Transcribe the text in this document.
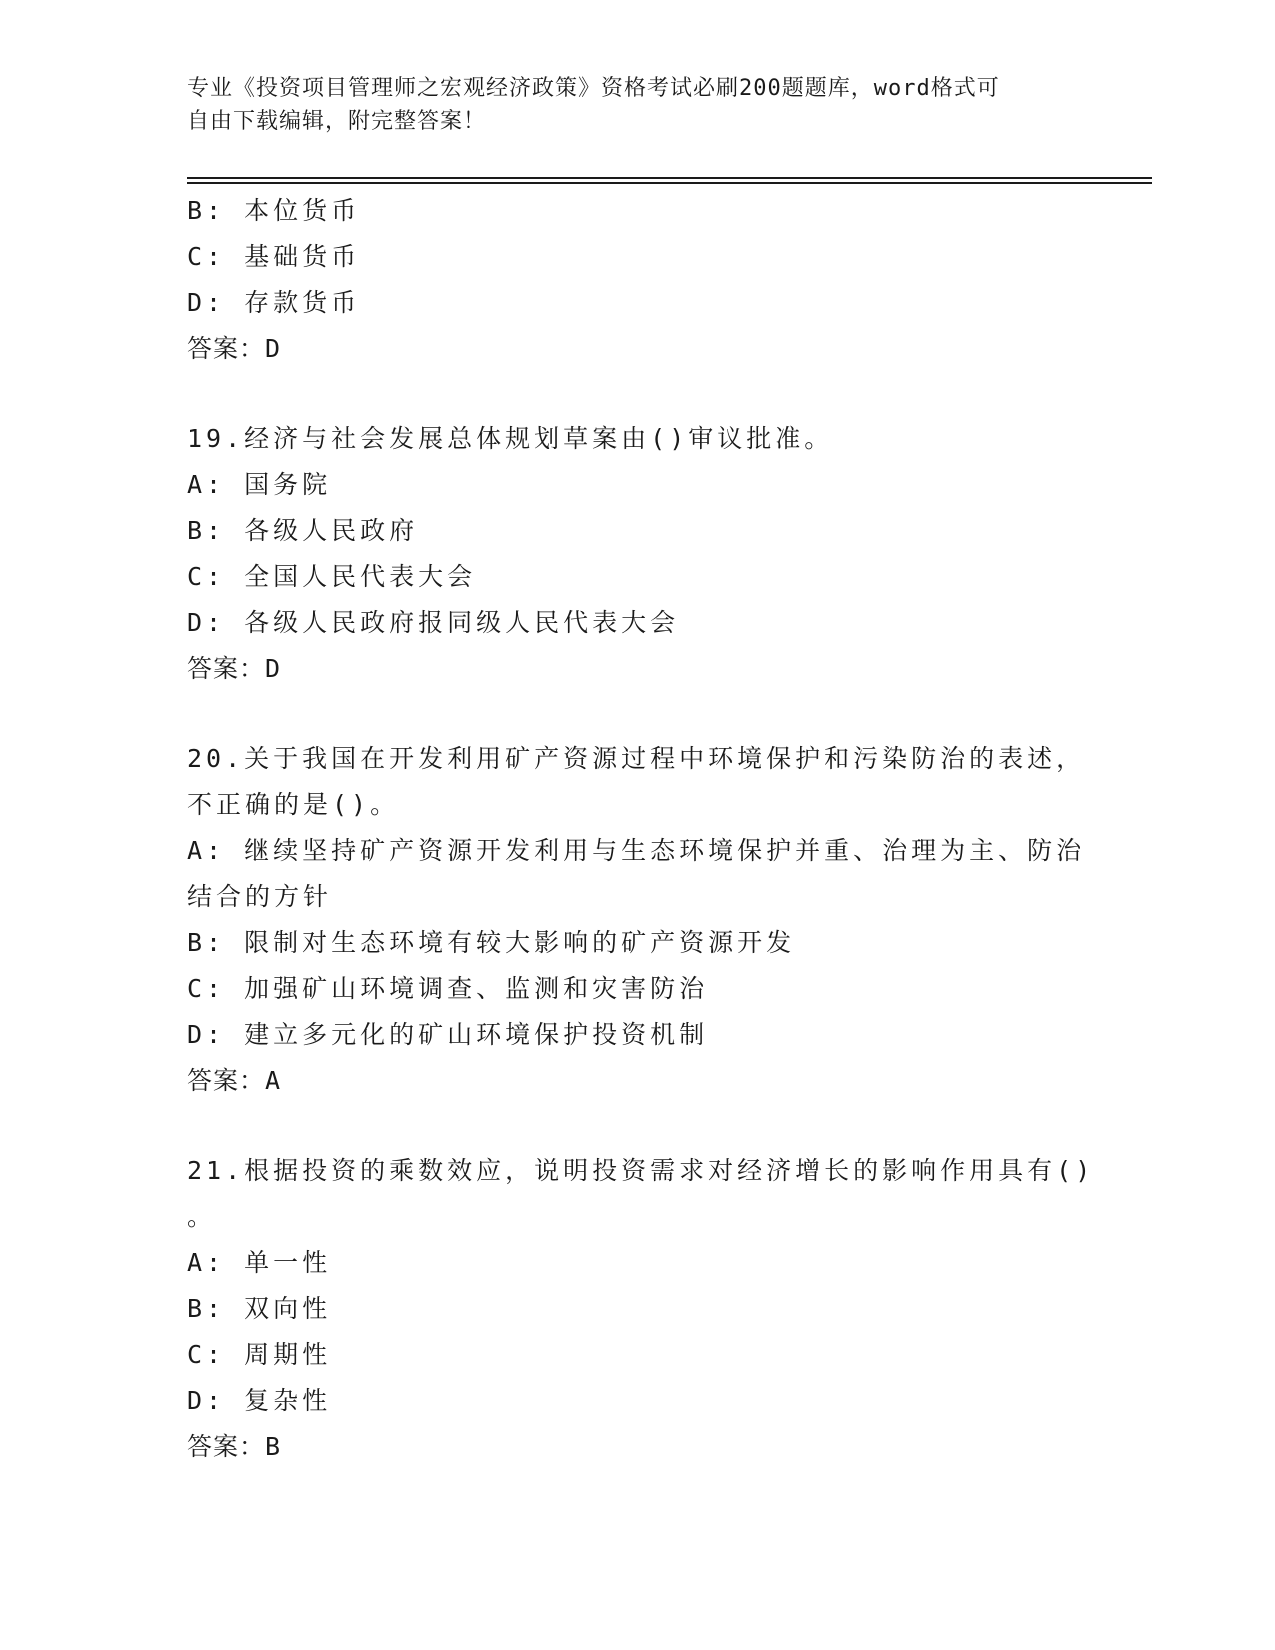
专业《投资项目管理师之宏观经济政策》资格考试必刷200题题库，word格式可
自由下载编辑，附完整答案！
B: 本位货币
C: 基础货币
D: 存款货币
答案：D
19.经济与社会发展总体规划草案由()审议批准。
A: 国务院
B: 各级人民政府
C: 全国人民代表大会
D: 各级人民政府报同级人民代表大会
答案：D
20.关于我国在开发利用矿产资源过程中环境保护和污染防治的表述，
不正确的是()。
A: 继续坚持矿产资源开发利用与生态环境保护并重、治理为主、防治
结合的方针
B: 限制对生态环境有较大影响的矿产资源开发
C: 加强矿山环境调查、监测和灾害防治
D: 建立多元化的矿山环境保护投资机制
答案：A
21.根据投资的乘数效应，说明投资需求对经济增长的影响作用具有()
。
A: 单一性
B: 双向性
C: 周期性
D: 复杂性
答案：B
